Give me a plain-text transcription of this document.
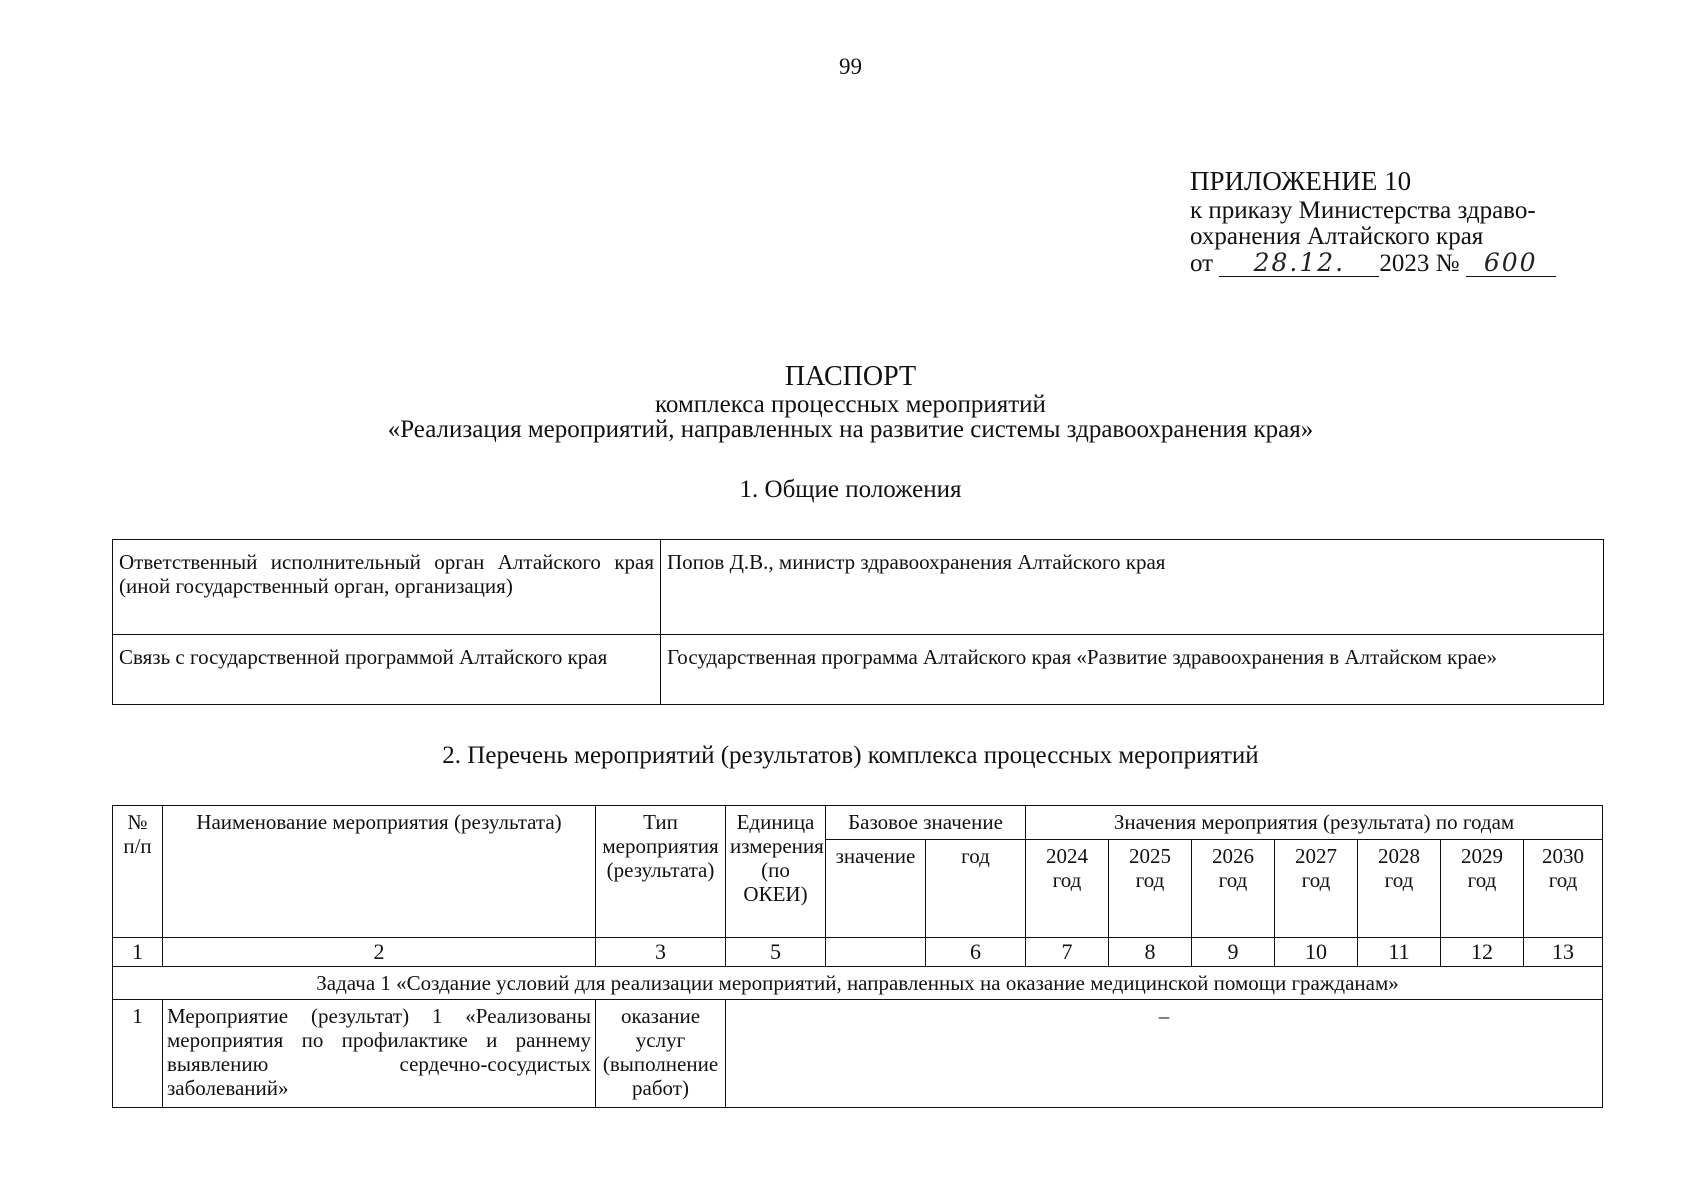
99
ПРИЛОЖЕНИЕ 10
к приказу Министерства здраво-
охранения Алтайского края
от 28.12. 2023 № 600
ПАСПОРТ
комплекса процессных мероприятий
«Реализация мероприятий, направленных на развитие системы здравоохранения края»
1. Общие положения
Ответственный исполнительный орган Алтайского края (иной государственный орган, организация)	Попов Д.В., министр здравоохранения Алтайского края
Связь с государственной программой Алтайского края	Государственная программа Алтайского края «Развитие здравоохранения в Алтайском крае»
2. Перечень мероприятий (результатов) комплекса процессных мероприятий
№ п/п	Наименование мероприятия (результата)	Тип мероприятия (результата)	Единица измерения (по ОКЕИ)	Базовое значение		Значения мероприятия (результата) по годам						
				значение	год	2024 год	2025 год	2026 год	2027 год	2028 год	2029 год	2030 год
1	2	3	5		6	7	8	9	10	11	12	13
Задача 1 «Создание условий для реализации мероприятий, направленных на оказание медицинской помощи гражданам»												
1	Мероприятие (результат) 1 «Реализованы мероприятия по профилактике и раннему выявлению сердечно-сосудистых заболеваний»	оказание услуг (выполнение работ)	–									
